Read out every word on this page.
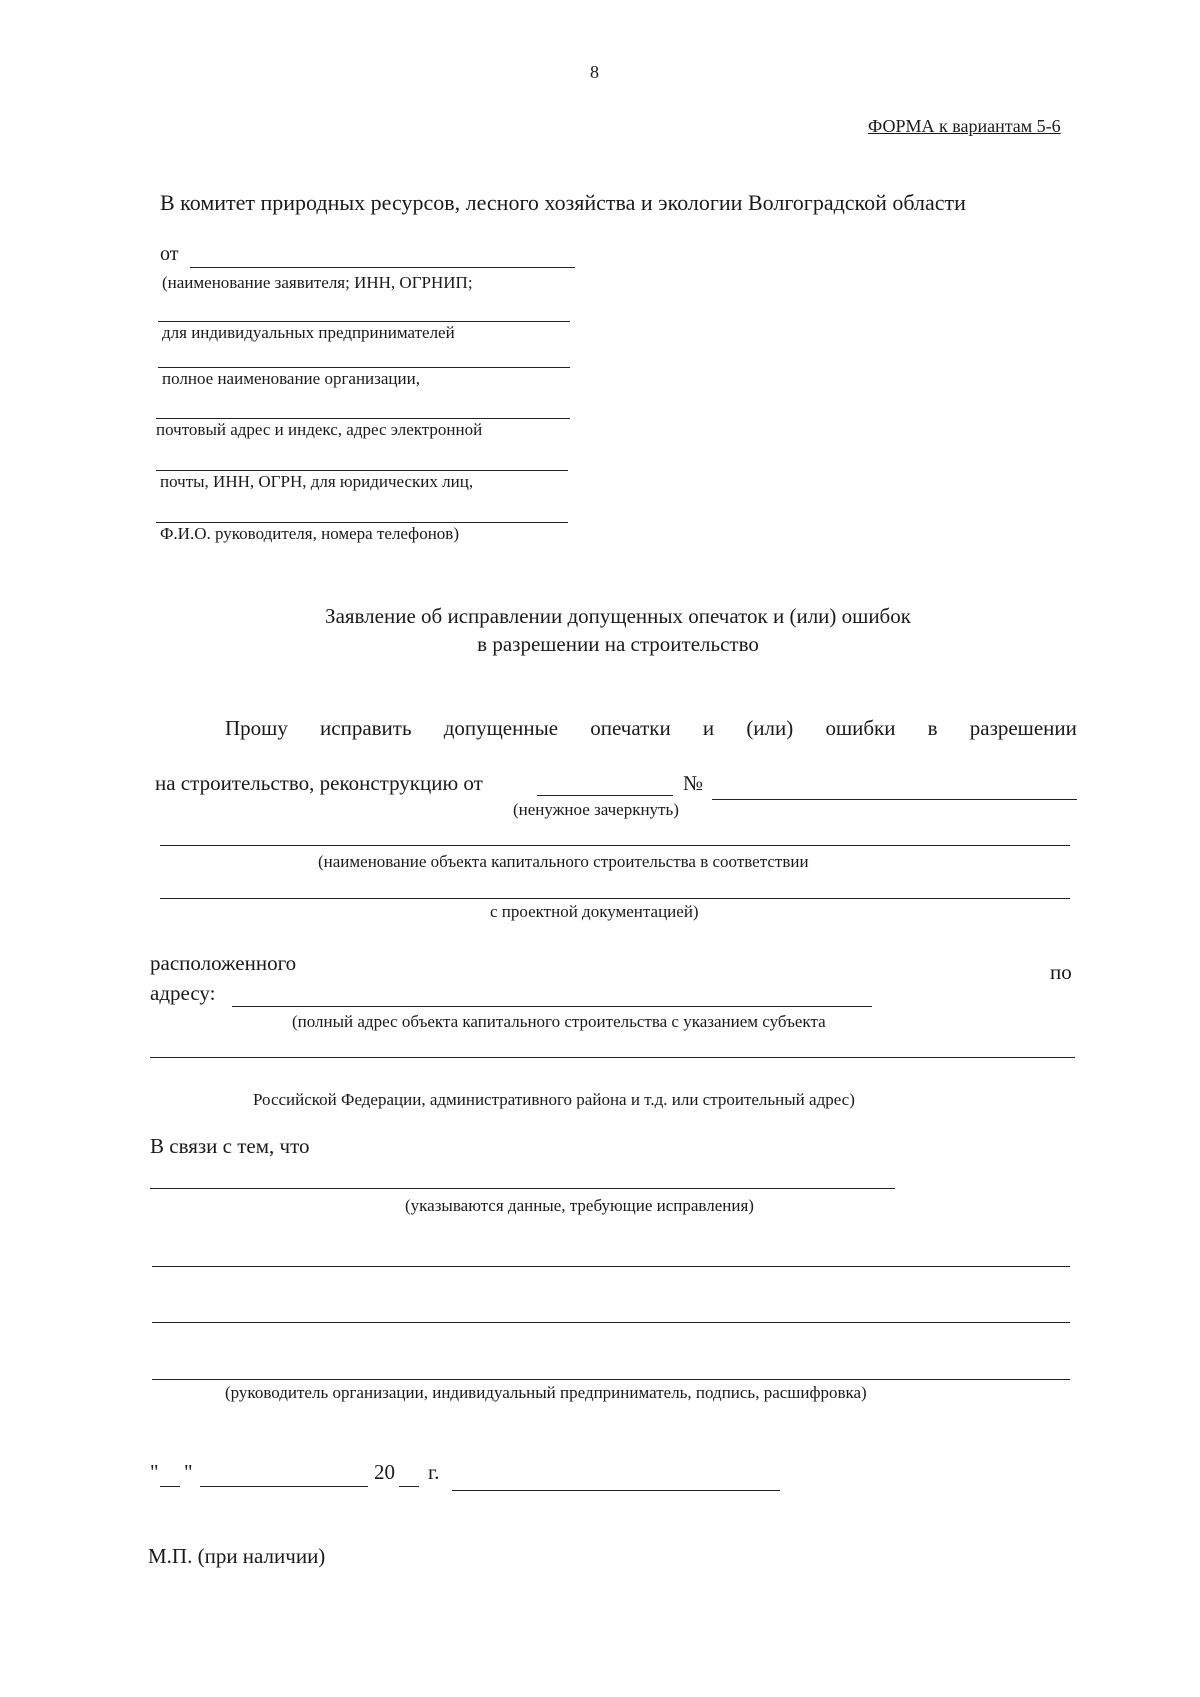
8
ФОРМА к вариантам 5-6
В комитет природных ресурсов, лесного хозяйства и экологии Волгоградской области
от
(наименование заявителя; ИНН, ОГРНИП;
для индивидуальных предпринимателей
полное наименование организации,
почтовый адрес и индекс, адрес электронной
почты, ИНН, ОГРН, для юридических лиц,
Ф.И.О. руководителя, номера телефонов)
Заявление об исправлении допущенных опечаток и (или) ошибок
в разрешении на строительство
Прошу исправить допущенные опечатки и (или) ошибки в разрешении
на строительство, реконструкцию от	№
(ненужное зачеркнуть)
(наименование объекта капитального строительства в соответствии
с проектной документацией)
расположенного	по
адресу:
(полный адрес объекта капитального строительства с указанием субъекта
Российской Федерации, административного района и т.д. или строительный адрес)
В связи с тем, что
(указываются данные, требующие исправления)
(руководитель организации, индивидуальный предприниматель, подпись, расшифровка)
" "	20 г.
М.П. (при наличии)
